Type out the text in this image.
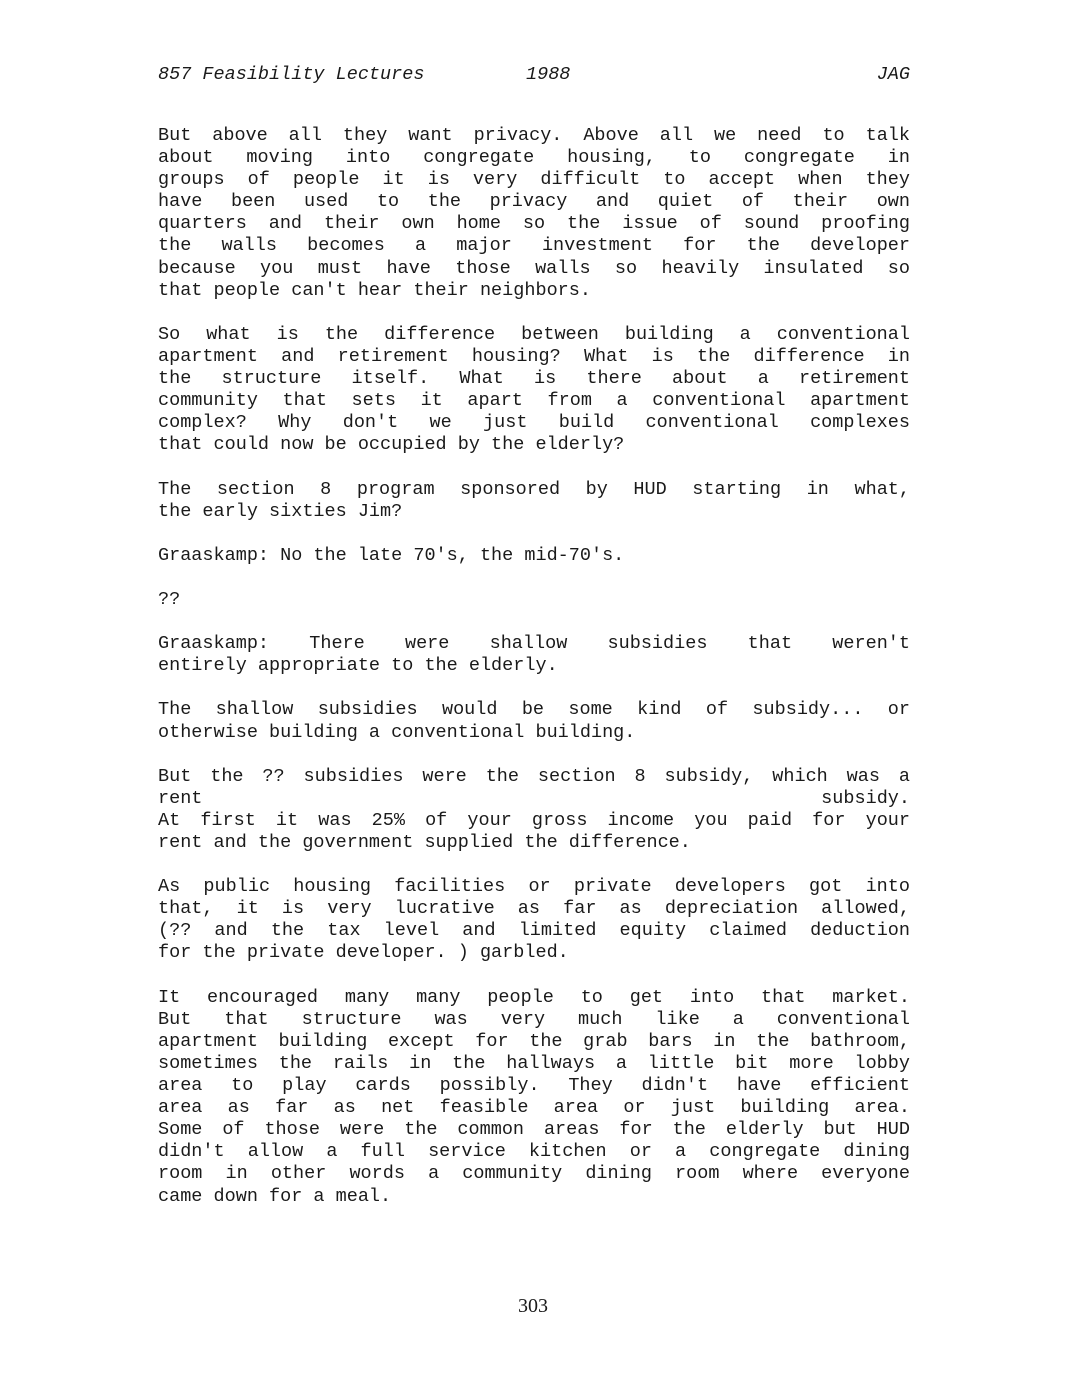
857 Feasibility Lectures

	1988

	JAG

But above all they want privacy. Above all we need to talk
about moving into congregate housing, to congregate in
groups of people it is very difficult to accept when they
have been used to the privacy and quiet of their own
quarters and their own home so the issue of sound proofing
the walls becomes a major investment for the developer
because you must have those walls so heavily insulated so
that people can't hear their neighbors.
So what is the difference between building a conventional
apartment and retirement housing? What is the difference in
the structure itself. What is there about a retirement
community that sets it apart from a conventional apartment
complex? Why don't we just build conventional complexes
that could now be occupied by the elderly?
The section 8 program sponsored by HUD starting in what,
the early sixties Jim?
Graaskamp: No the late 70's, the mid-70's.
??
Graaskamp: There were shallow subsidies that weren't
entirely appropriate to the elderly.
The shallow subsidies would be some kind of subsidy... or
otherwise building a conventional building.
But the ?? subsidies were the section 8 subsidy, which was a
rent subsidy.
At first it was 25% of your gross income you paid for your
rent and the government supplied the difference.
As public housing facilities or private developers got into
that, it is very lucrative as far as depreciation allowed,
(?? and the tax level and limited equity claimed deduction
for the private developer. ) garbled.
It encouraged many many people to get into that market.
But that structure was very much like a conventional
apartment building except for the grab bars in the bathroom,
sometimes the rails in the hallways a little bit more lobby
area to play cards possibly. They didn't have efficient
area as far as net feasible area or just building area.
Some of those were the common areas for the elderly but HUD
didn't allow a full service kitchen or a congregate dining
room in other words a community dining room where everyone
came down for a meal.
303
